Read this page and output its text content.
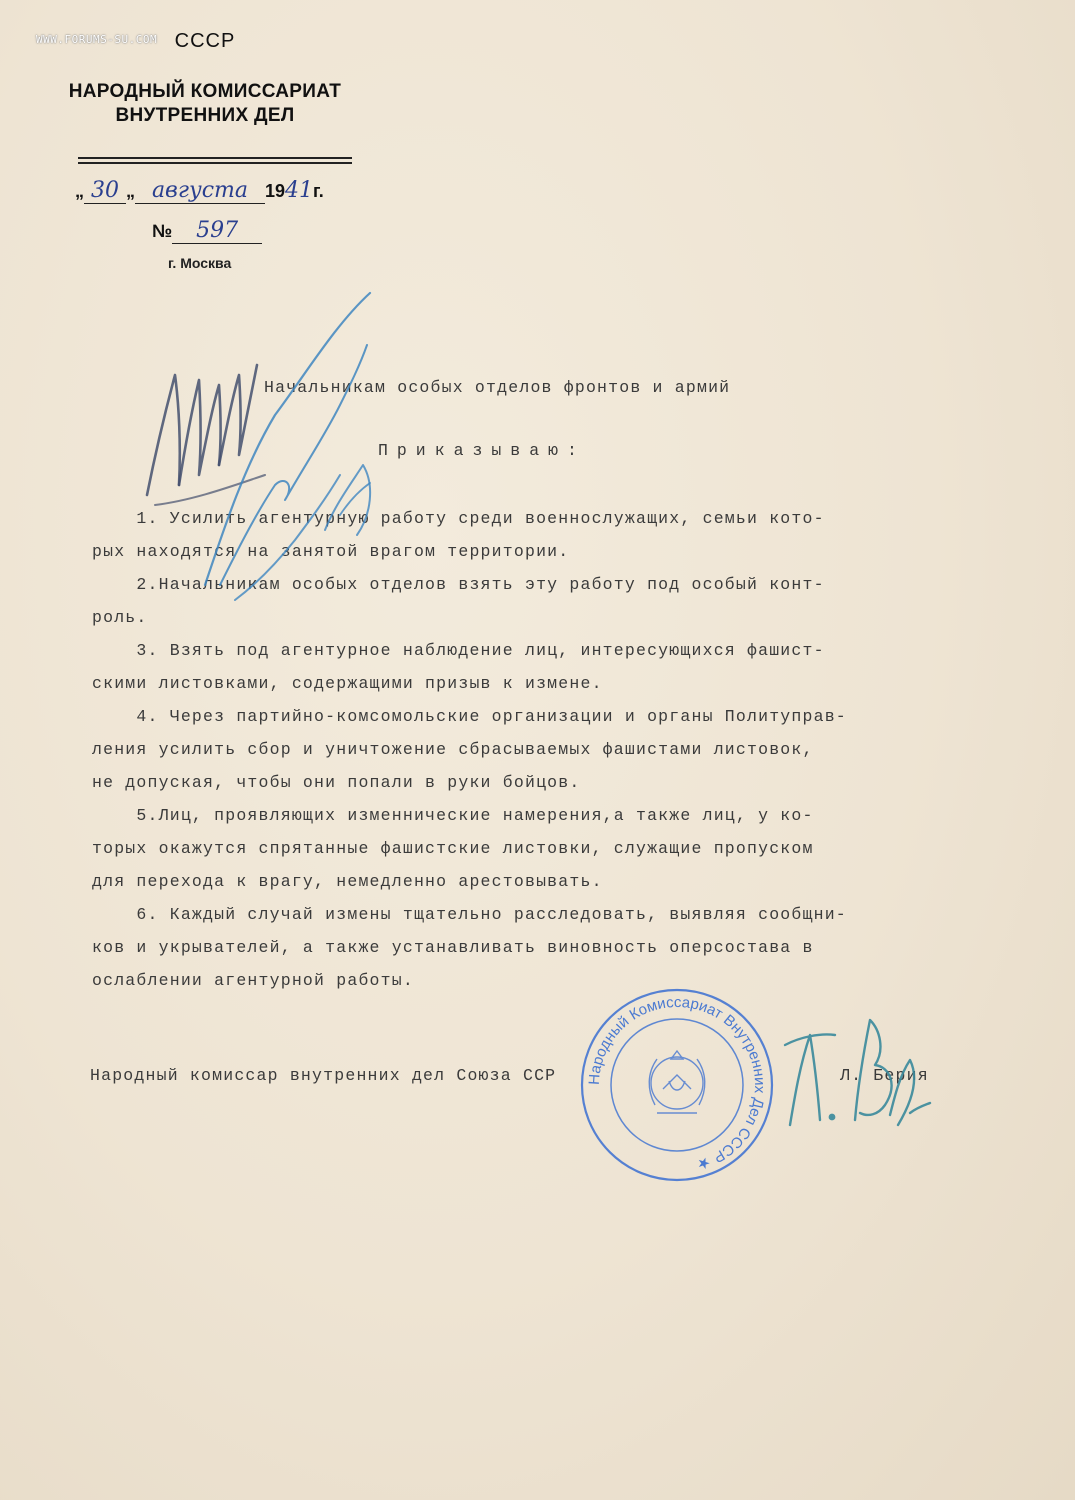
WWW.FORUMS-SU.COM СССР
НАРОДНЫЙ КОМИССАРИАТ
ВНУТРЕННИХ ДЕЛ
„ 30 „ августа 1941г.
№ 597
г. Москва
Начальникам особых отделов фронтов и армий
Приказываю:
1. Усилить агентурную работу среди военнослужащих, семьи кото-
рых находятся на занятой врагом территории.
2.Начальникам особых отделов взять эту работу под особый конт-
роль.
3. Взять под агентурное наблюдение лиц, интересующихся фашист-
скими листовками, содержащими призыв к измене.
4. Через партийно-комсомольские организации и органы Политуправ-
ления усилить сбор и уничтожение сбрасываемых фашистами листовок,
не допуская, чтобы они попали в руки бойцов.
5.Лиц, проявляющих изменнические намерения,а также лиц, у ко-
торых окажутся спрятанные фашистские листовки, служащие пропуском
для перехода к врагу, немедленно арестовывать.
6. Каждый случай измены тщательно расследовать, выявляя сообщни-
ков и укрывателей, а также устанавливать виновность оперсостава в
ослаблении агентурной работы.
Народный комиссар внутренних дел Союза ССР	Л. Берия
Народный Комиссариат Внутренних Дел СССР ★
